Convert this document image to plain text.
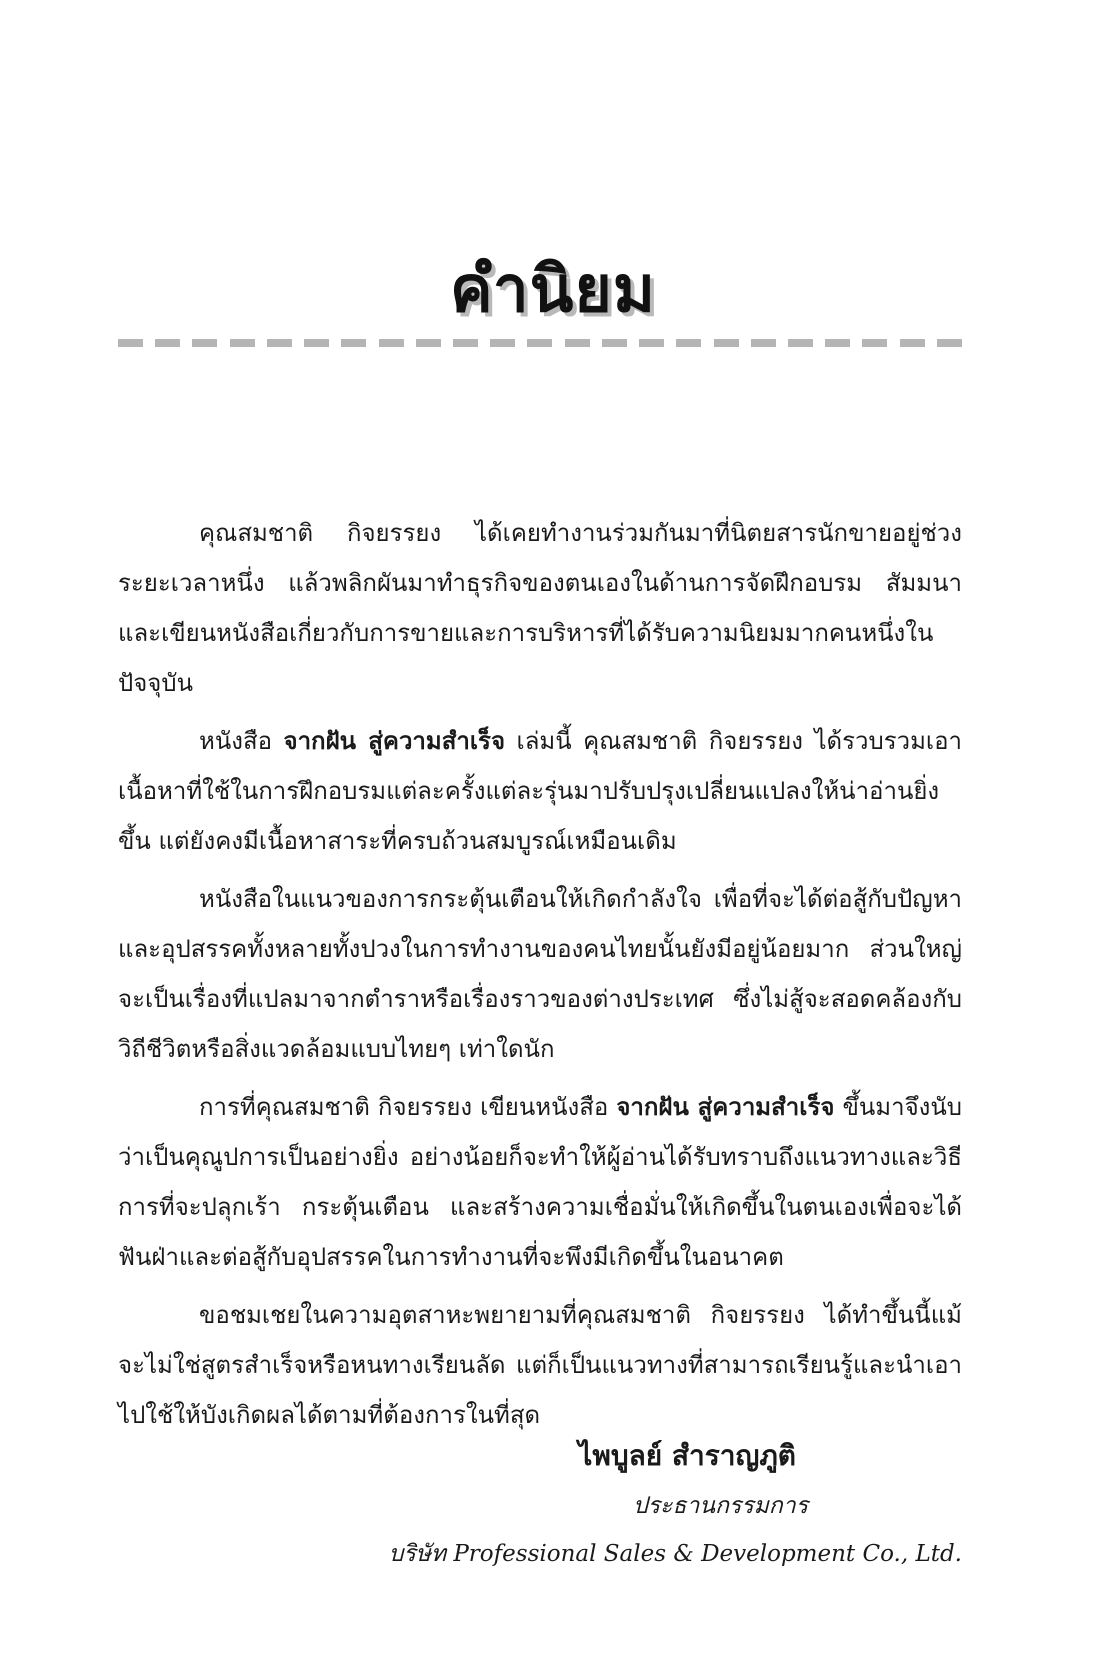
คำนิยม

คุณสมชาติ กิจยรรยง ได้เคยทำงานร่วมกันมาที่นิตยสารนักขายอยู่ช่วงระยะเวลาหนึ่ง แล้วพลิกผันมาทำธุรกิจของตนเองในด้านการจัดฝึกอบรม สัมมนาและเขียนหนังสือเกี่ยวกับการขายและการบริหารที่ได้รับความนิยมมากคนหนึ่งในปัจจุบัน

หนังสือ จากฝัน สู่ความสำเร็จ เล่มนี้ คุณสมชาติ กิจยรรยง ได้รวบรวมเอาเนื้อหาที่ใช้ในการฝึกอบรมแต่ละครั้งแต่ละรุ่นมาปรับปรุงเปลี่ยนแปลงให้น่าอ่านยิ่งขึ้น แต่ยังคงมีเนื้อหาสาระที่ครบถ้วนสมบูรณ์เหมือนเดิม

หนังสือในแนวของการกระตุ้นเตือนให้เกิดกำลังใจ เพื่อที่จะได้ต่อสู้กับปัญหาและอุปสรรคทั้งหลายทั้งปวงในการทำงานของคนไทยนั้นยังมีอยู่น้อยมาก ส่วนใหญ่จะเป็นเรื่องที่แปลมาจากตำราหรือเรื่องราวของต่างประเทศ ซึ่งไม่สู้จะสอดคล้องกับวิถีชีวิตหรือสิ่งแวดล้อมแบบไทยๆ เท่าใดนัก

การที่คุณสมชาติ กิจยรรยง เขียนหนังสือ จากฝัน สู่ความสำเร็จ ขึ้นมาจึงนับว่าเป็นคุณูปการเป็นอย่างยิ่ง อย่างน้อยก็จะทำให้ผู้อ่านได้รับทราบถึงแนวทางและวิธีการที่จะปลุกเร้า กระตุ้นเตือน และสร้างความเชื่อมั่นให้เกิดขึ้นในตนเองเพื่อจะได้ฟันฝ่าและต่อสู้กับอุปสรรคในการทำงานที่จะพึงมีเกิดขึ้นในอนาคต

ขอชมเชยในความอุตสาหะพยายามที่คุณสมชาติ กิจยรรยง ได้ทำขึ้นนี้แม้จะไม่ใช่สูตรสำเร็จหรือหนทางเรียนลัด แต่ก็เป็นแนวทางที่สามารถเรียนรู้และนำเอาไปใช้ให้บังเกิดผลได้ตามที่ต้องการในที่สุด

ไพบูลย์ สำราญภูติ

ประธานกรรมการ

บริษัท Professional Sales & Development Co., Ltd.
